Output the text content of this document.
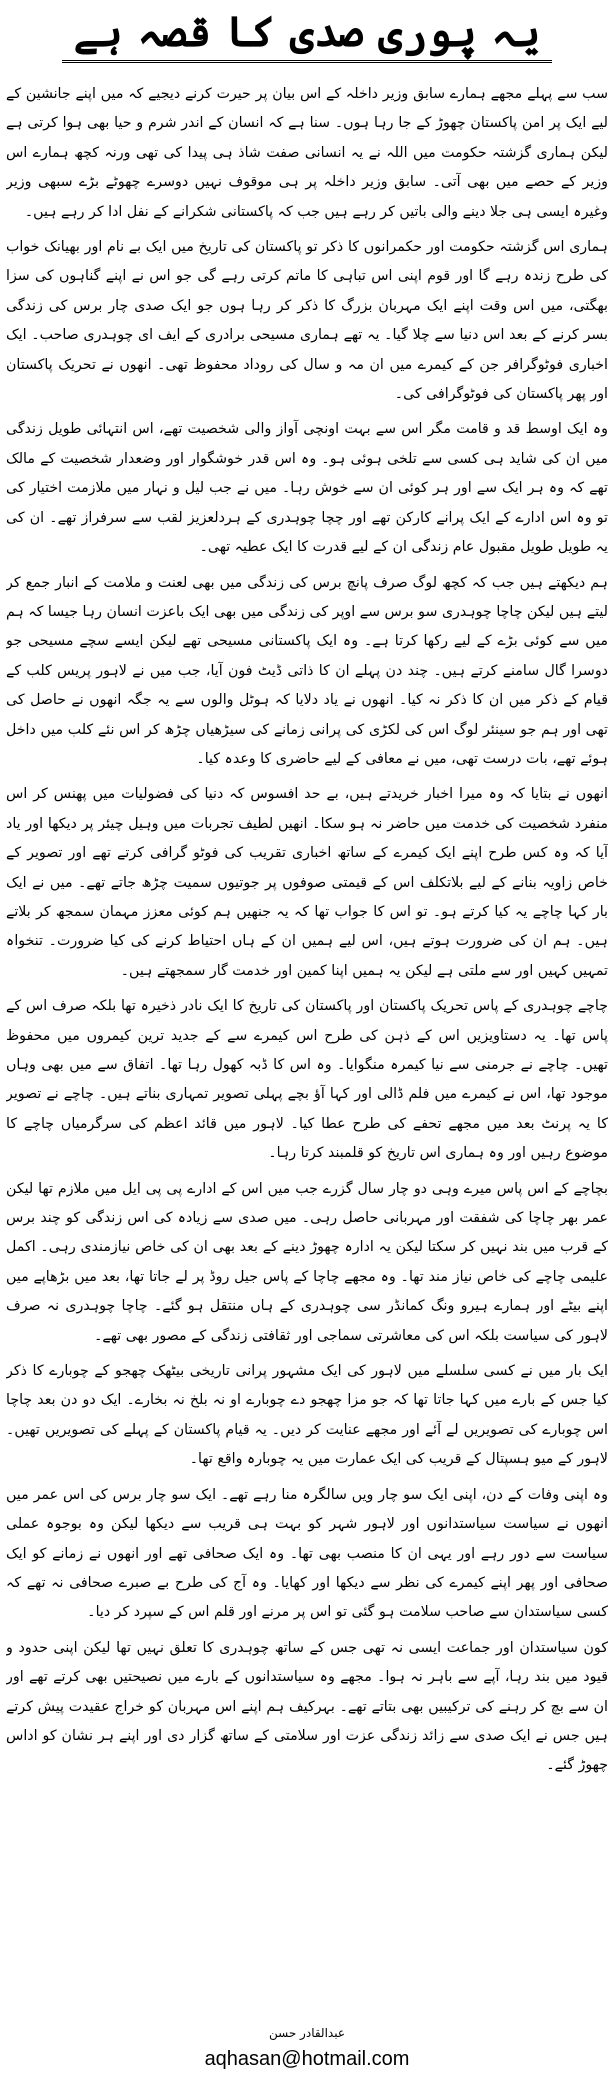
یہ پوری صدی کا قصہ ہے

سب سے پہلے مجھے ہمارے سابق وزیر داخلہ کے اس بیان پر حیرت کرنے دیجیے کہ میں اپنے جانشین کے لیے ایک پر امن پاکستان چھوڑ کے جا رہا ہوں۔ سنا ہے کہ انسان کے اندر شرم و حیا بھی ہوا کرتی ہے لیکن ہماری گزشتہ حکومت میں اللہ نے یہ انسانی صفت شاذ ہی پیدا کی تھی ورنہ کچھ ہمارے اس وزیر کے حصے میں بھی آتی۔ سابق وزیر داخلہ پر ہی موقوف نہیں دوسرے چھوٹے بڑے سبھی وزیر وغیرہ ایسی ہی جلا دینے والی باتیں کر رہے ہیں جب کہ پاکستانی شکرانے کے نفل ادا کر رہے ہیں۔

ہماری اس گزشتہ حکومت اور حکمرانوں کا ذکر تو پاکستان کی تاریخ میں ایک بے نام اور بھیانک خواب کی طرح زندہ رہے گا اور قوم اپنی اس تباہی کا ماتم کرتی رہے گی جو اس نے اپنے گناہوں کی سزا بھگتی، میں اس وقت اپنے ایک مہربان بزرگ کا ذکر کر رہا ہوں جو ایک صدی چار برس کی زندگی بسر کرنے کے بعد اس دنیا سے چلا گیا۔ یہ تھے ہماری مسیحی برادری کے ایف ای چوہدری صاحب۔ ایک اخباری فوٹوگرافر جن کے کیمرے میں ان مہ و سال کی روداد محفوظ تھی۔ انھوں نے تحریک پاکستان اور پھر پاکستان کی فوٹوگرافی کی۔

وہ ایک اوسط قد و قامت مگر اس سے بہت اونچی آواز والی شخصیت تھے، اس انتہائی طویل زندگی میں ان کی شاید ہی کسی سے تلخی ہوئی ہو۔ وہ اس قدر خوشگوار اور وضعدار شخصیت کے مالک تھے کہ وہ ہر ایک سے اور ہر کوئی ان سے خوش رہا۔ میں نے جب لیل و نہار میں ملازمت اختیار کی تو وہ اس ادارے کے ایک پرانے کارکن تھے اور چچا چوہدری کے ہردلعزیز لقب سے سرفراز تھے۔ ان کی یہ طویل طویل مقبول عام زندگی ان کے لیے قدرت کا ایک عطیہ تھی۔

ہم دیکھتے ہیں جب کہ کچھ لوگ صرف پانچ برس کی زندگی میں بھی لعنت و ملامت کے انبار جمع کر لیتے ہیں لیکن چاچا چوہدری سو برس سے اوپر کی زندگی میں بھی ایک باعزت انسان رہا جیسا کہ ہم میں سے کوئی بڑے کے لیے رکھا کرتا ہے۔ وہ ایک پاکستانی مسیحی تھے لیکن ایسے سچے مسیحی جو دوسرا گال سامنے کرتے ہیں۔ چند دن پہلے ان کا ذاتی ڈیٹ فون آیا، جب میں نے لاہور پریس کلب کے قیام کے ذکر میں ان کا ذکر نہ کیا۔ انھوں نے یاد دلایا کہ ہوٹل والوں سے یہ جگہ انھوں نے حاصل کی تھی اور ہم جو سینئر لوگ اس کی لکڑی کی پرانی زمانے کی سیڑھیاں چڑھ کر اس نئے کلب میں داخل ہوئے تھے، بات درست تھی، میں نے معافی کے لیے حاضری کا وعدہ کیا۔

انھوں نے بتایا کہ وہ میرا اخبار خریدتے ہیں، بے حد افسوس کہ دنیا کی فضولیات میں پھنس کر اس منفرد شخصیت کی خدمت میں حاضر نہ ہو سکا۔ انھیں لطیف تجربات میں وہیل چیئر پر دیکھا اور یاد آیا کہ وہ کس طرح اپنے ایک کیمرے کے ساتھ اخباری تقریب کی فوٹو گرافی کرتے تھے اور تصویر کے خاص زاویہ بنانے کے لیے بلاتکلف اس کے قیمتی صوفوں پر جوتیوں سمیت چڑھ جاتے تھے۔ میں نے ایک بار کہا چاچے یہ کیا کرتے ہو۔ تو اس کا جواب تھا کہ یہ جنھیں ہم کوئی معزز مہمان سمجھ کر بلاتے ہیں۔ ہم ان کی ضرورت ہوتے ہیں، اس لیے ہمیں ان کے ہاں احتیاط کرنے کی کیا ضرورت۔ تنخواہ تمہیں کہیں اور سے ملتی ہے لیکن یہ ہمیں اپنا کمین اور خدمت گار سمجھتے ہیں۔

چاچے چوہدری کے پاس تحریک پاکستان اور پاکستان کی تاریخ کا ایک نادر ذخیرہ تھا بلکہ صرف اس کے پاس تھا۔ یہ دستاویزیں اس کے ذہن کی طرح اس کیمرے سے کے جدید ترین کیمروں میں محفوظ تھیں۔ چاچے نے جرمنی سے نیا کیمرہ منگوایا۔ وہ اس کا ڈبہ کھول رہا تھا۔ اتفاق سے میں بھی وہاں موجود تھا، اس نے کیمرے میں فلم ڈالی اور کہا آؤ بچے پہلی تصویر تمہاری بناتے ہیں۔ چاچے نے تصویر کا یہ پرنٹ بعد میں مجھے تحفے کی طرح عطا کیا۔ لاہور میں قائد اعظم کی سرگرمیاں چاچے کا موضوع رہیں اور وہ ہماری اس تاریخ کو قلمبند کرتا رہا۔

بچاچے کے اس پاس میرے وہی دو چار سال گزرے جب میں اس کے ادارے پی پی ایل میں ملازم تھا لیکن عمر بھر چاچا کی شفقت اور مہربانی حاصل رہی۔ میں صدی سے زیادہ کی اس زندگی کو چند برس کے قرب میں بند نہیں کر سکتا لیکن یہ ادارہ چھوڑ دینے کے بعد بھی ان کی خاص نیازمندی رہی۔ اکمل علیمی چاچے کی خاص نیاز مند تھا۔ وہ مجھے چاچا کے پاس جیل روڈ پر لے جاتا تھا، بعد میں بڑھاپے میں اپنے بیٹے اور ہمارے ہیرو ونگ کمانڈر سی چوہدری کے ہاں منتقل ہو گئے۔ چاچا چوہدری نہ صرف لاہور کی سیاست بلکہ اس کی معاشرتی سماجی اور ثقافتی زندگی کے مصور بھی تھے۔

ایک بار میں نے کسی سلسلے میں لاہور کی ایک مشہور پرانی تاریخی بیٹھک چھجو کے چوبارے کا ذکر کیا جس کے بارے میں کہا جاتا تھا کہ جو مزا چھجو دے چوبارے او نہ بلخ نہ بخارے۔ ایک دو دن بعد چاچا اس چوبارے کی تصویریں لے آئے اور مجھے عنایت کر دیں۔ یہ قیام پاکستان کے پہلے کی تصویریں تھیں۔ لاہور کے میو ہسپتال کے قریب کی ایک عمارت میں یہ چوبارہ واقع تھا۔

وہ اپنی وفات کے دن، اپنی ایک سو چار ویں سالگرہ منا رہے تھے۔ ایک سو چار برس کی اس عمر میں انھوں نے سیاست سیاستدانوں اور لاہور شہر کو بہت ہی قریب سے دیکھا لیکن وہ بوجوہ عملی سیاست سے دور رہے اور یہی ان کا منصب بھی تھا۔ وہ ایک صحافی تھے اور انھوں نے زمانے کو ایک صحافی اور پھر اپنے کیمرے کی نظر سے دیکھا اور کھایا۔ وہ آج کی طرح بے صبرے صحافی نہ تھے کہ کسی سیاستدان سے صاحب سلامت ہو گئی تو اس پر مرنے اور قلم اس کے سپرد کر دیا۔

کون سیاستدان اور جماعت ایسی نہ تھی جس کے ساتھ چوہدری کا تعلق نہیں تھا لیکن اپنی حدود و قیود میں بند رہا، آپے سے باہر نہ ہوا۔ مجھے وہ سیاستدانوں کے بارے میں نصیحتیں بھی کرتے تھے اور ان سے بچ کر رہنے کی ترکیبیں بھی بتاتے تھے۔ بہرکیف ہم اپنے اس مہربان کو خراج عقیدت پیش کرتے ہیں جس نے ایک صدی سے زائد زندگی عزت اور سلامتی کے ساتھ گزار دی اور اپنے ہر نشان کو اداس چھوڑ گئے۔

عبدالقادر حسن
aqhasan@hotmail.com
